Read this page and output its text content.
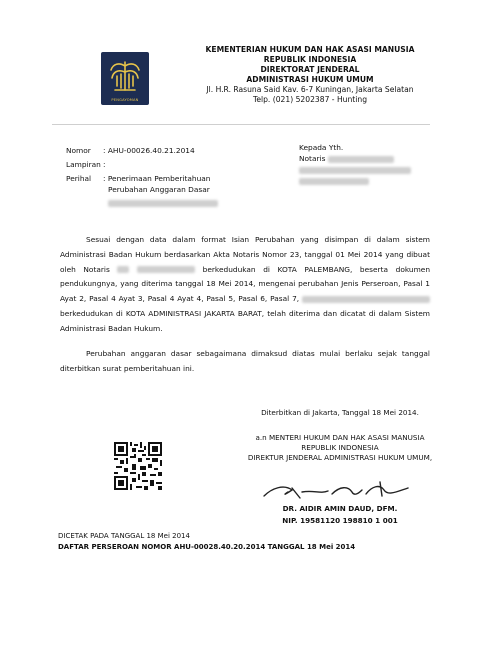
PENGAYOMAN
KEMENTERIAN HUKUM DAN HAK ASASI MANUSIA
REPUBLIK INDONESIA
DIREKTORAT JENDERAL
ADMINISTRASI HUKUM UMUM
Jl. H.R. Rasuna Said Kav. 6-7 Kuningan, Jakarta Selatan
Telp. (021) 5202387 - Hunting
Nomor
Lampiran
Perihal
: AHU-00026.40.21.2014
:
: Penerimaan Pemberitahuan
Perubahan Anggaran Dasar
Kepada Yth.
Notaris
Sesuai dengan data dalam format Isian Perubahan yang disimpan di dalam sistem Administrasi Badan Hukum berdasarkan Akta Notaris Nomor 23, tanggal 01 Mei 2014 yang dibuat oleh Notaris	berkedudukan di KOTA PALEMBANG, beserta dokumen pendukungnya, yang diterima tanggal 18 Mei 2014, mengenai perubahan Jenis Perseroan, Pasal 1 Ayat 2, Pasal 4 Ayat 3, Pasal 4 Ayat 4, Pasal 5, Pasal 6, Pasal 7,  berkedudukan di KOTA ADMINISTRASI JAKARTA BARAT, telah diterima dan dicatat di dalam Sistem Administrasi Badan Hukum.
Perubahan anggaran dasar sebagaimana dimaksud diatas mulai berlaku sejak tanggal diterbitkan surat pemberitahuan ini.
Diterbitkan di Jakarta, Tanggal 18 Mei 2014.
a.n MENTERI HUKUM DAN HAK ASASI MANUSIA
REPUBLIK INDONESIA
DIREKTUR JENDERAL ADMINISTRASI HUKUM UMUM,
DR. AIDIR AMIN DAUD, DFM.
NIP. 19581120 198810 1 001
DICETAK PADA TANGGAL 18 Mei 2014
DAFTAR PERSEROAN NOMOR AHU-00028.40.20.2014 TANGGAL 18 Mei 2014
